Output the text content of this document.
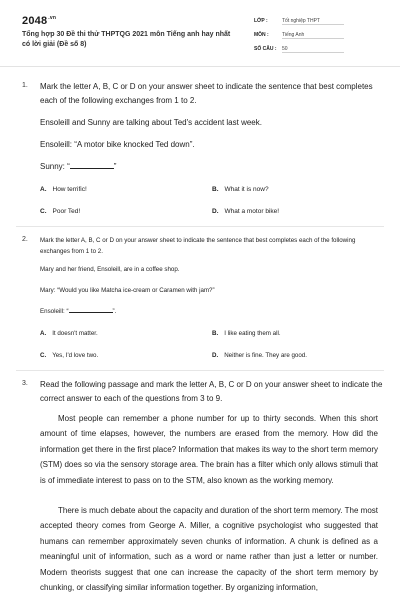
$2048^{.vn}$
Tổng hợp 30 Đề thi thử THPTQG 2021 môn Tiếng anh hay nhất có lời giải (Đề số 8)
LỚP :	Tốt nghiệp THPT
MÔN :	Tiếng Anh
SỐ CÂU : 50
1. Mark the letter A, B, C or D on your answer sheet to indicate the sentence that best completes each of the following exchanges from 1 to 2.
Ensoleill and Sunny are talking about Ted's accident last week.
Ensoleill: “A motor bike knocked Ted down”.
Sunny: “	”
A. How terrific!	B. What it is now?
C. Poor Ted!	D. What a motor bike!
2. Mark the letter A, B, C or D on your answer sheet to indicate the sentence that best completes each of the following exchanges from 1 to 2.
Mary and her friend, Ensoleill, are in a coffee shop.
Mary: “Would you like Matcha ice-cream or Caramen with jam?”
Ensoleill: “	”.
A. It doesn't matter.	B. I like eating them all.
C. Yes, I'd love two.	D. Neither is fine. They are good.
3. Read the following passage and mark the letter A, B, C or D on your answer sheet to indicate the correct answer to each of the questions from 3 to 9.
Most people can remember a phone number for up to thirty seconds. When this short amount of time elapses, however, the numbers are erased from the memory. How did the information get there in the first place? Information that makes its way to the short term memory (STM) does so via the sensory storage area. The brain has a filter which only allows stimuli that is of immediate interest to pass on to the STM, also known as the working memory.
There is much debate about the capacity and duration of the short term memory. The most accepted theory comes from George A. Miller, a cognitive psychologist who suggested that humans can remember approximately seven chunks of information. A chunk is defined as a meaningful unit of information, such as a word or name rather than just a letter or number. Modern theorists suggest that one can increase the capacity of the short term memory by chunking, or classifying similar information together. By organizing information,
